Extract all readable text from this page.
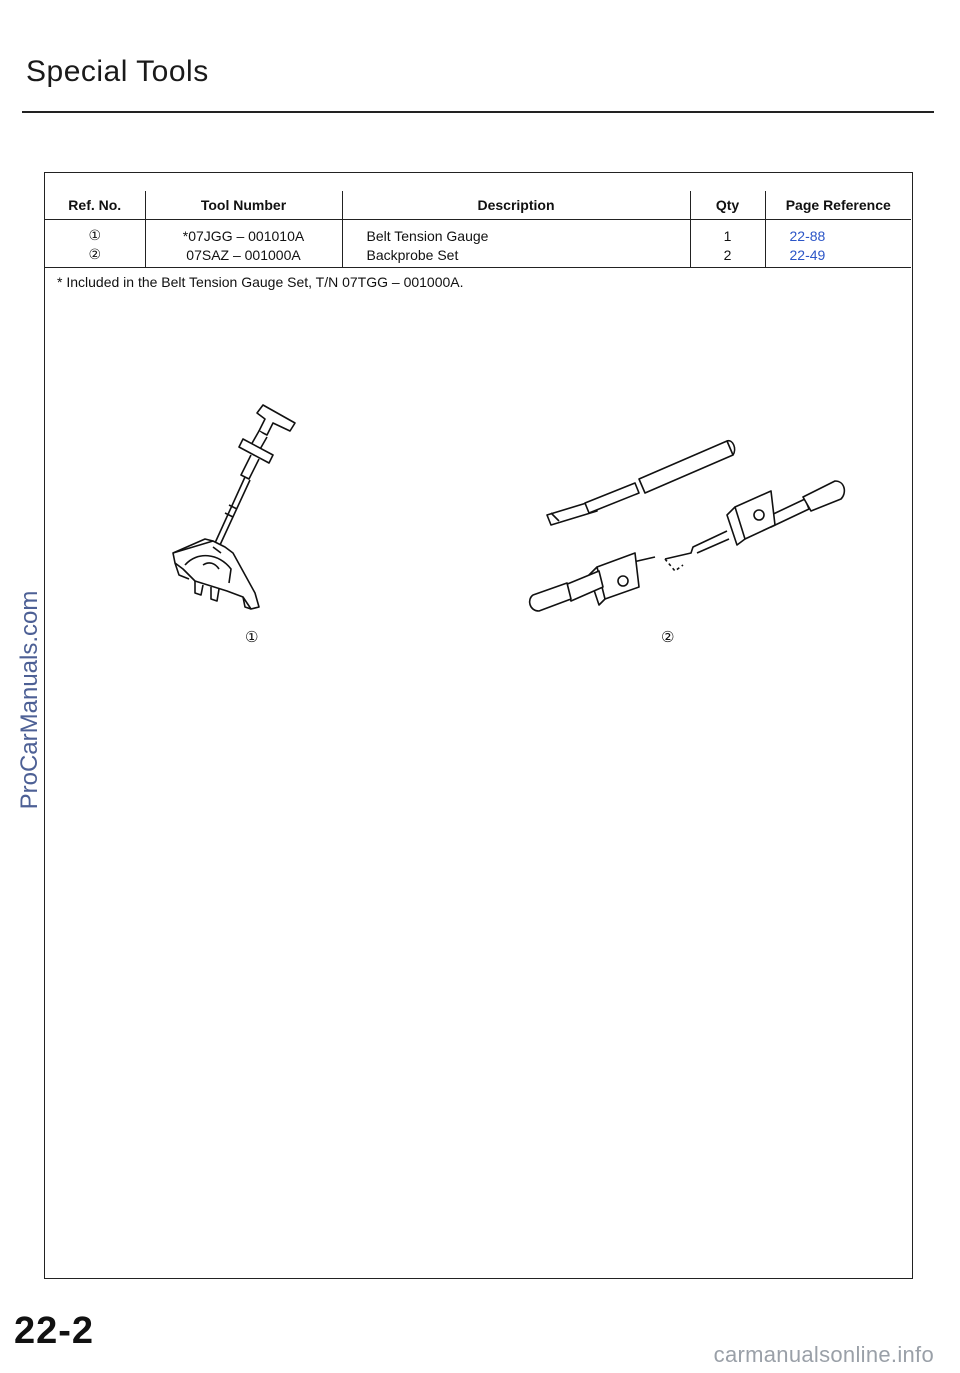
Special Tools
Ref. No.	Tool Number	Description	Qty	Page Reference
①	*07JGG – 001010A	Belt Tension Gauge	1	22-88
②	07SAZ – 001000A	Backprobe Set	2	22-49
* Included in the Belt Tension Gauge Set, T/N 07TGG – 001000A.
①	②
22-2
ProCarManuals.com
carmanualsonline.info
